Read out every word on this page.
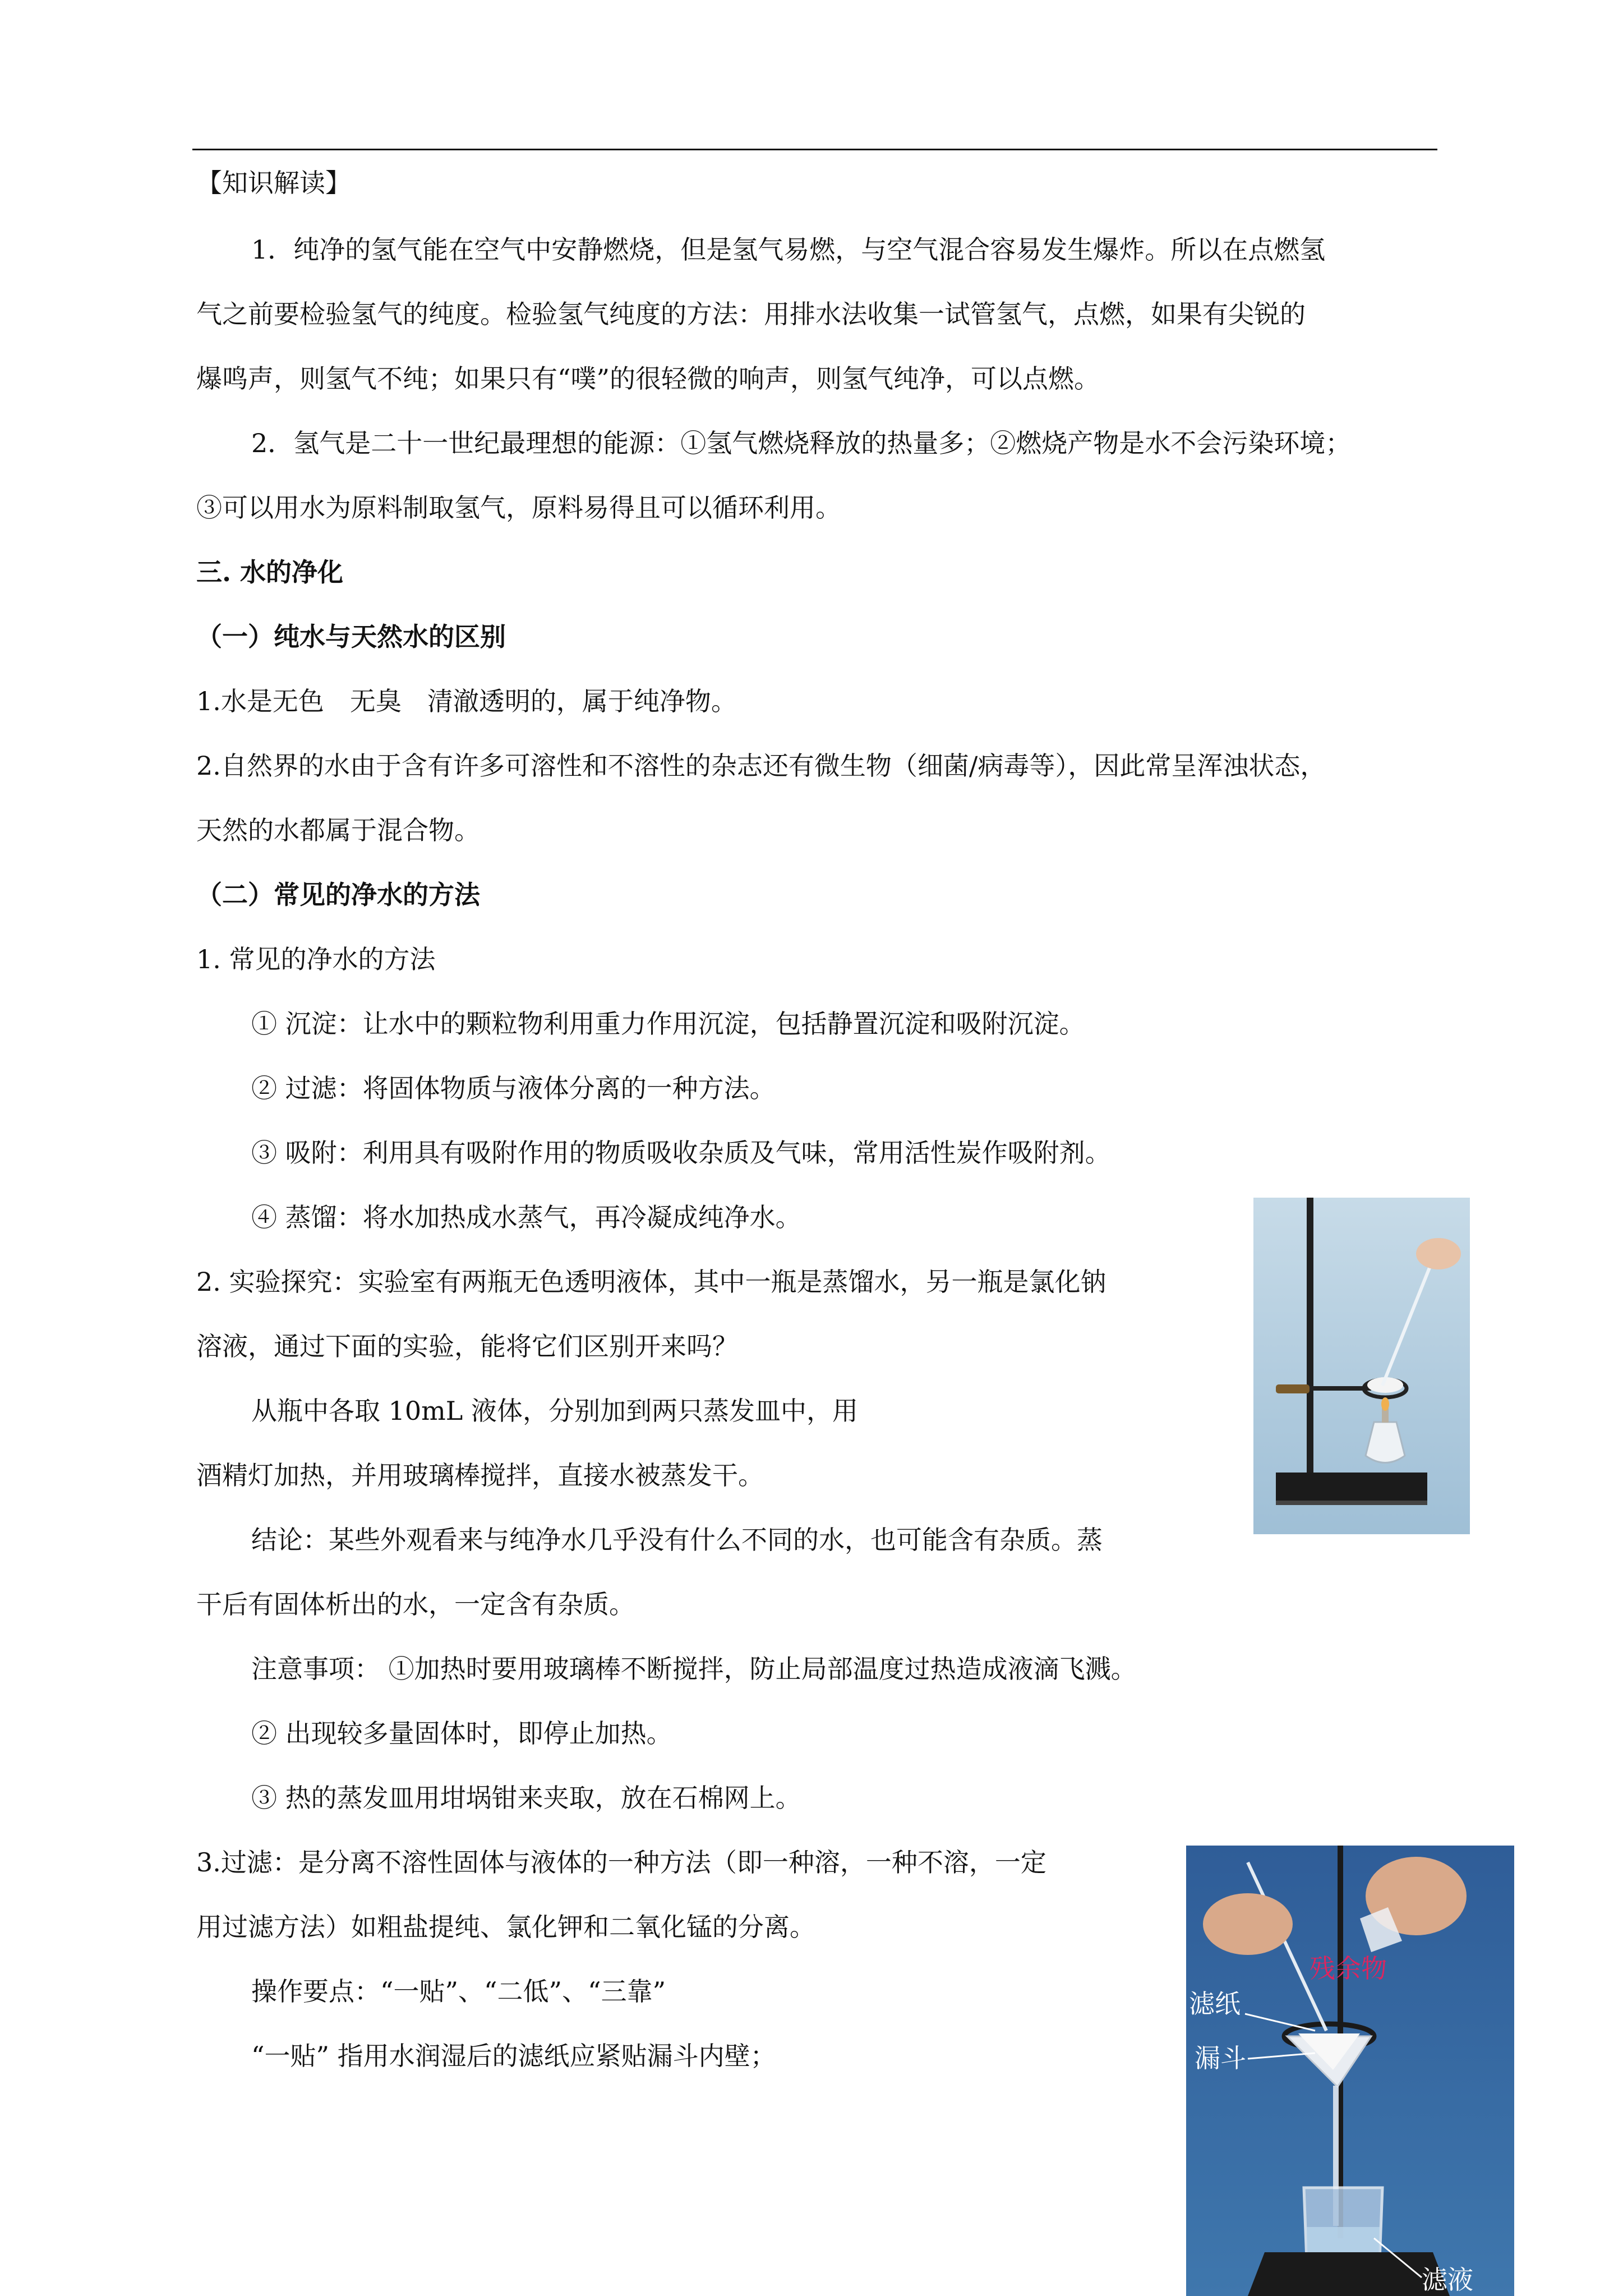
【知识解读】
1．纯净的氢气能在空气中安静燃烧，但是氢气易燃，与空气混合容易发生爆炸。所以在点燃氢
气之前要检验氢气的纯度。检验氢气纯度的方法：用排水法收集一试管氢气，点燃，如果有尖锐的
爆鸣声，则氢气不纯；如果只有“噗”的很轻微的响声，则氢气纯净，可以点燃。
2．氢气是二十一世纪最理想的能源：①氢气燃烧释放的热量多；②燃烧产物是水不会污染环境；
③可以用水为原料制取氢气，原料易得且可以循环利用。
三. 水的净化
（一）纯水与天然水的区别
1.水是无色　无臭　清澈透明的，属于纯净物。
2.自然界的水由于含有许多可溶性和不溶性的杂志还有微生物（细菌/病毒等），因此常呈浑浊状态，
天然的水都属于混合物。
（二）常见的净水的方法
1. 常见的净水的方法
① 沉淀：让水中的颗粒物利用重力作用沉淀，包括静置沉淀和吸附沉淀。
② 过滤：将固体物质与液体分离的一种方法。
③ 吸附：利用具有吸附作用的物质吸收杂质及气味，常用活性炭作吸附剂。
④ 蒸馏：将水加热成水蒸气，再冷凝成纯净水。
2. 实验探究：实验室有两瓶无色透明液体，其中一瓶是蒸馏水，另一瓶是氯化钠
溶液，通过下面的实验，能将它们区别开来吗？
从瓶中各取 10mL 液体，分别加到两只蒸发皿中，用
酒精灯加热，并用玻璃棒搅拌，直接水被蒸发干。
结论：某些外观看来与纯净水几乎没有什么不同的水，也可能含有杂质。蒸
干后有固体析出的水，一定含有杂质。
注意事项： ①加热时要用玻璃棒不断搅拌，防止局部温度过热造成液滴飞溅。
② 出现较多量固体时，即停止加热。
③ 热的蒸发皿用坩埚钳来夹取，放在石棉网上。
3.过滤：是分离不溶性固体与液体的一种方法（即一种溶，一种不溶，一定
用过滤方法）如粗盐提纯、氯化钾和二氧化锰的分离。
操作要点：“一贴”、“二低”、“三靠”
“一贴” 指用水润湿后的滤纸应紧贴漏斗内壁；
残余物
滤纸
漏斗
滤液
